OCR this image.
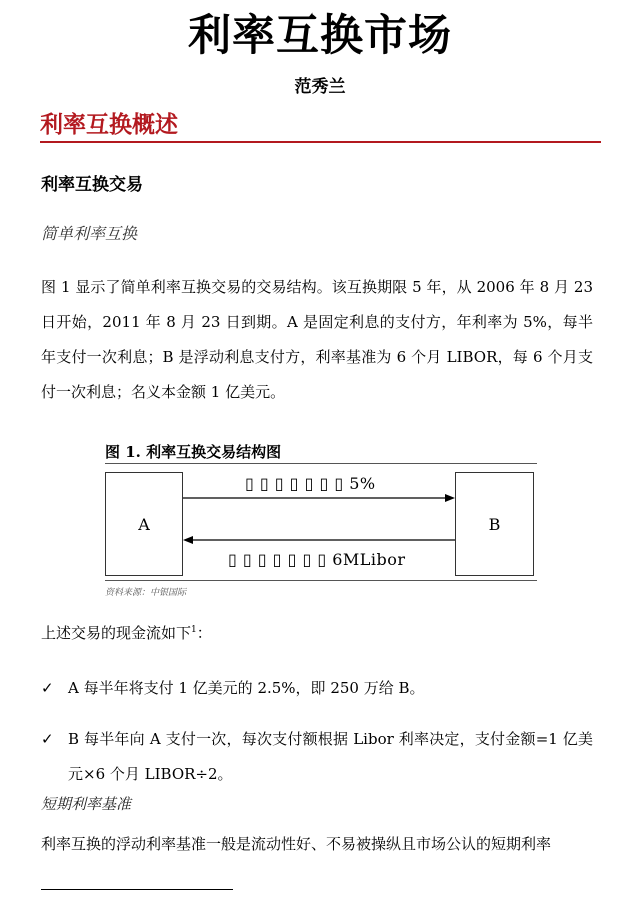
利率互换市场
范秀兰
利率互换概述
利率互换交易
简单利率互换
图 1 显示了简单利率互换交易的交易结构。该互换期限 5 年，从 2006 年 8 月 23 日开始，2011 年 8 月 23 日到期。A 是固定利息的支付方，年利率为 5%，每半年支付一次利息；B 是浮动利息支付方，利率基准为 6 个月 LIBOR，每 6 个月支付一次利息；名义本金额 1 亿美元。
图 1. 利率互换交易结构图
A	B
▯ ▯ ▯ ▯ ▯ ▯ ▯ 5%
▯ ▯ ▯ ▯ ▯ ▯ ▯ 6MLibor
资料来源：中银国际
上述交易的现金流如下$^1$：
✓ A 每半年将支付 1 亿美元的 2.5%，即 250 万给 B。
✓ B 每半年向 A 支付一次，每次支付额根据 Libor 利率决定，支付金额=1 亿美元×6 个月 LIBOR÷2。
短期利率基准
利率互换的浮动利率基准一般是流动性好、不易被操纵且市场公认的短期利率
